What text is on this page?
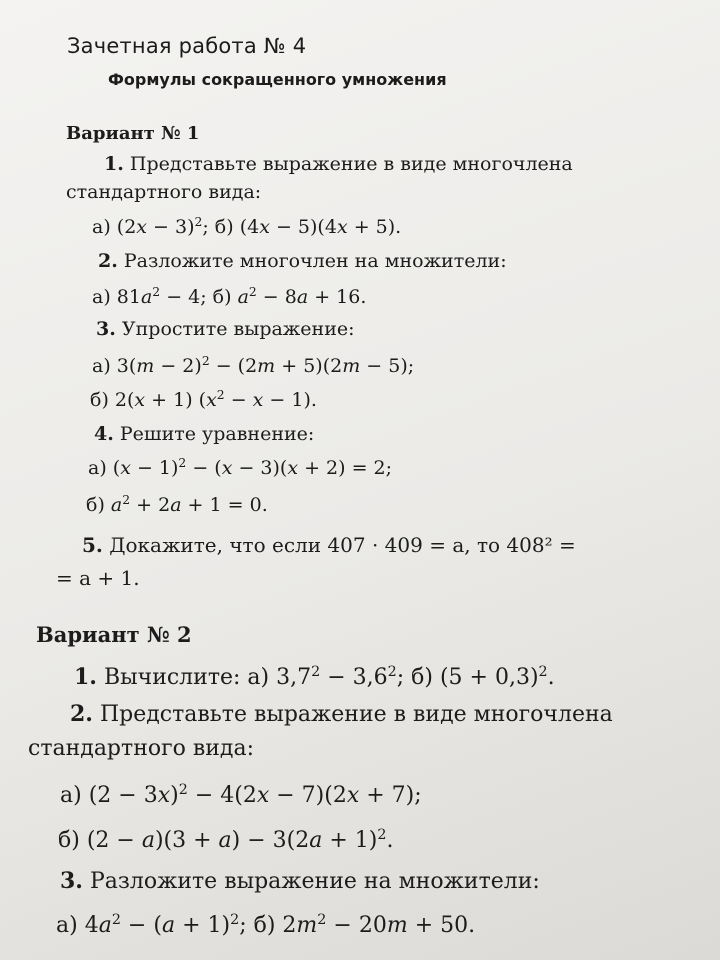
Зачетная работа № 4
Формулы сокращенного умножения
Вариант № 1
1. Представьте выражение в виде многочлена
стандартного вида:
а) $(2x - 3)^2$; б) (4x − 5)(4x + 5).
2. Разложите многочлен на множители:
а) $81a^2 - 4$; б) $a^2 - 8a + 16$.
3. Упростите выражение:
а) $3(m - 2)^2 - (2m + 5)(2m - 5)$;
б) 2(x + 1) $(x^2 - x - 1)$.
4. Решите уравнение:
а) $(x - 1)^2 - (x - 3)(x + 2) = 2$;
б) $a^2 + 2a + 1 = 0$.
5. Докажите, что если 407 · 409 = a, то 408² =
= a + 1.
Вариант № 2
1. Вычислите: а) $3,7^2 - 3,6^2$; б) $(5 + 0,3)^2$.
2. Представьте выражение в виде многочлена
стандартного вида:
а) $(2 - 3x)^2 - 4(2x - 7)(2x + 7)$;
б) $(2 - a)(3 + a) - 3(2a + 1)^2$.
3. Разложите выражение на множители:
а) $4a^2 - (a + 1)^2$; б) $2m^2 - 20m + 50$.
